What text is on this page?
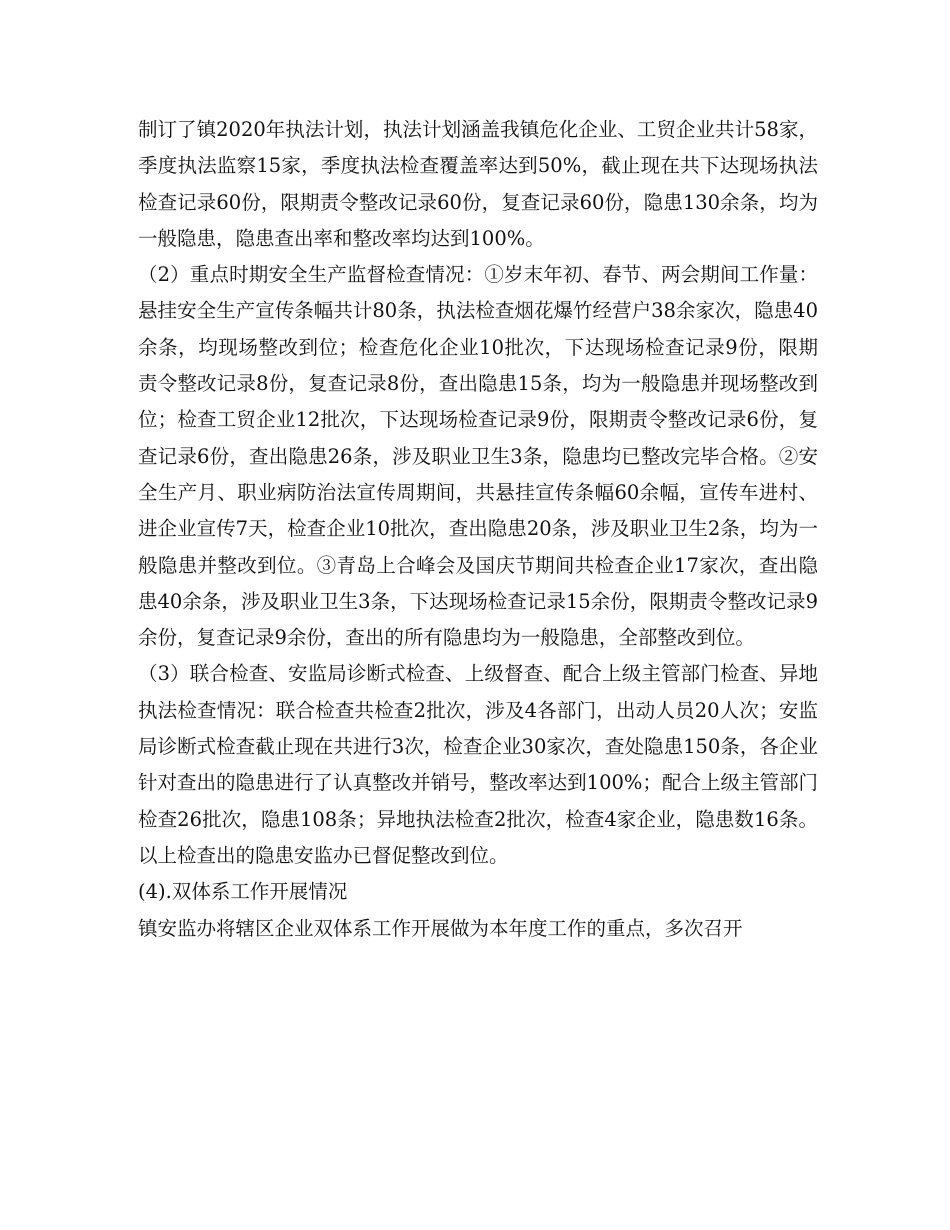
制订了镇2020年执法计划，执法计划涵盖我镇危化企业、工贸企业共计58家，季度执法监察15家，季度执法检查覆盖率达到50%，截止现在共下达现场执法检查记录60份，限期责令整改记录60份，复查记录60份，隐患130余条，均为一般隐患，隐患查出率和整改率均达到100%。

（2）重点时期安全生产监督检查情况：①岁末年初、春节、两会期间工作量：悬挂安全生产宣传条幅共计80条，执法检查烟花爆竹经营户38余家次，隐患40余条，均现场整改到位；检查危化企业10批次，下达现场检查记录9份，限期责令整改记录8份，复查记录8份，查出隐患15条，均为一般隐患并现场整改到位；检查工贸企业12批次，下达现场检查记录9份，限期责令整改记录6份，复查记录6份，查出隐患26条，涉及职业卫生3条，隐患均已整改完毕合格。②安全生产月、职业病防治法宣传周期间，共悬挂宣传条幅60余幅，宣传车进村、进企业宣传7天，检查企业10批次，查出隐患20条，涉及职业卫生2条，均为一般隐患并整改到位。③青岛上合峰会及国庆节期间共检查企业17家次，查出隐患40余条，涉及职业卫生3条，下达现场检查记录15余份，限期责令整改记录9余份，复查记录9余份，查出的所有隐患均为一般隐患，全部整改到位。

（3）联合检查、安监局诊断式检查、上级督查、配合上级主管部门检查、异地执法检查情况：联合检查共检查2批次，涉及4各部门，出动人员20人次；安监局诊断式检查截止现在共进行3次，检查企业30家次，查处隐患150条，各企业针对查出的隐患进行了认真整改并销号，整改率达到100%；配合上级主管部门检查26批次，隐患108条；异地执法检查2批次，检查4家企业，隐患数16条。以上检查出的隐患安监办已督促整改到位。

(4).双体系工作开展情况

镇安监办将辖区企业双体系工作开展做为本年度工作的重点，多次召开
